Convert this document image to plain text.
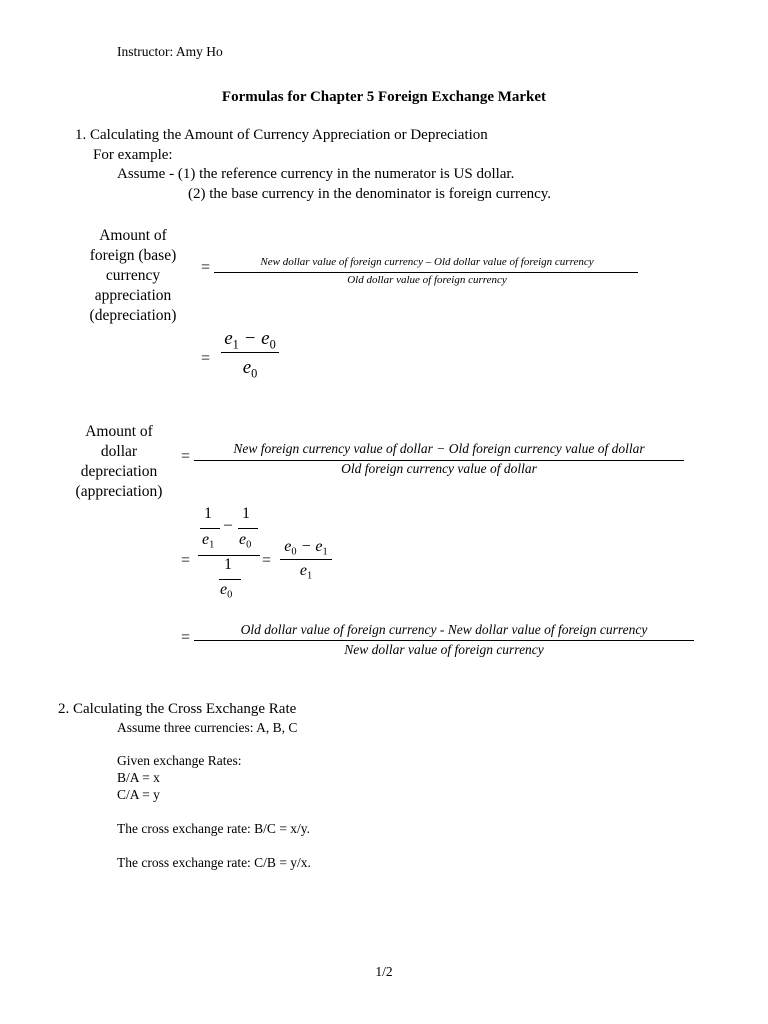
Instructor: Amy Ho
Formulas for Chapter 5 Foreign Exchange Market
1. Calculating the Amount of Currency Appreciation or Depreciation
For example:
Assume - (1) the reference currency in the numerator is US dollar.
(2) the base currency in the denominator is foreign currency.
Amount of
foreign (base)
currency
appreciation
(depreciation)
=	New dollar value of foreign currency – Old dollar value of foreign currency
Old dollar value of foreign currency
=
$e_1 - e_0$
$e_0$
Amount of
dollar
depreciation
(appreciation)
=	New foreign currency value of dollar − Old foreign currency value of dollar
Old foreign currency value of dollar
=
1
$e_1$
–
1
$e_0$
1
$e_0$
=
$e_0 - e_1$
$e_1$
=	Old dollar value of foreign currency - New dollar value of foreign currency
New dollar value of foreign currency
2. Calculating the Cross Exchange Rate
Assume three currencies: A, B, C
Given exchange Rates:
B/A = x
C/A = y
The cross exchange rate: B/C = x/y.
The cross exchange rate: C/B = y/x.
1/2
